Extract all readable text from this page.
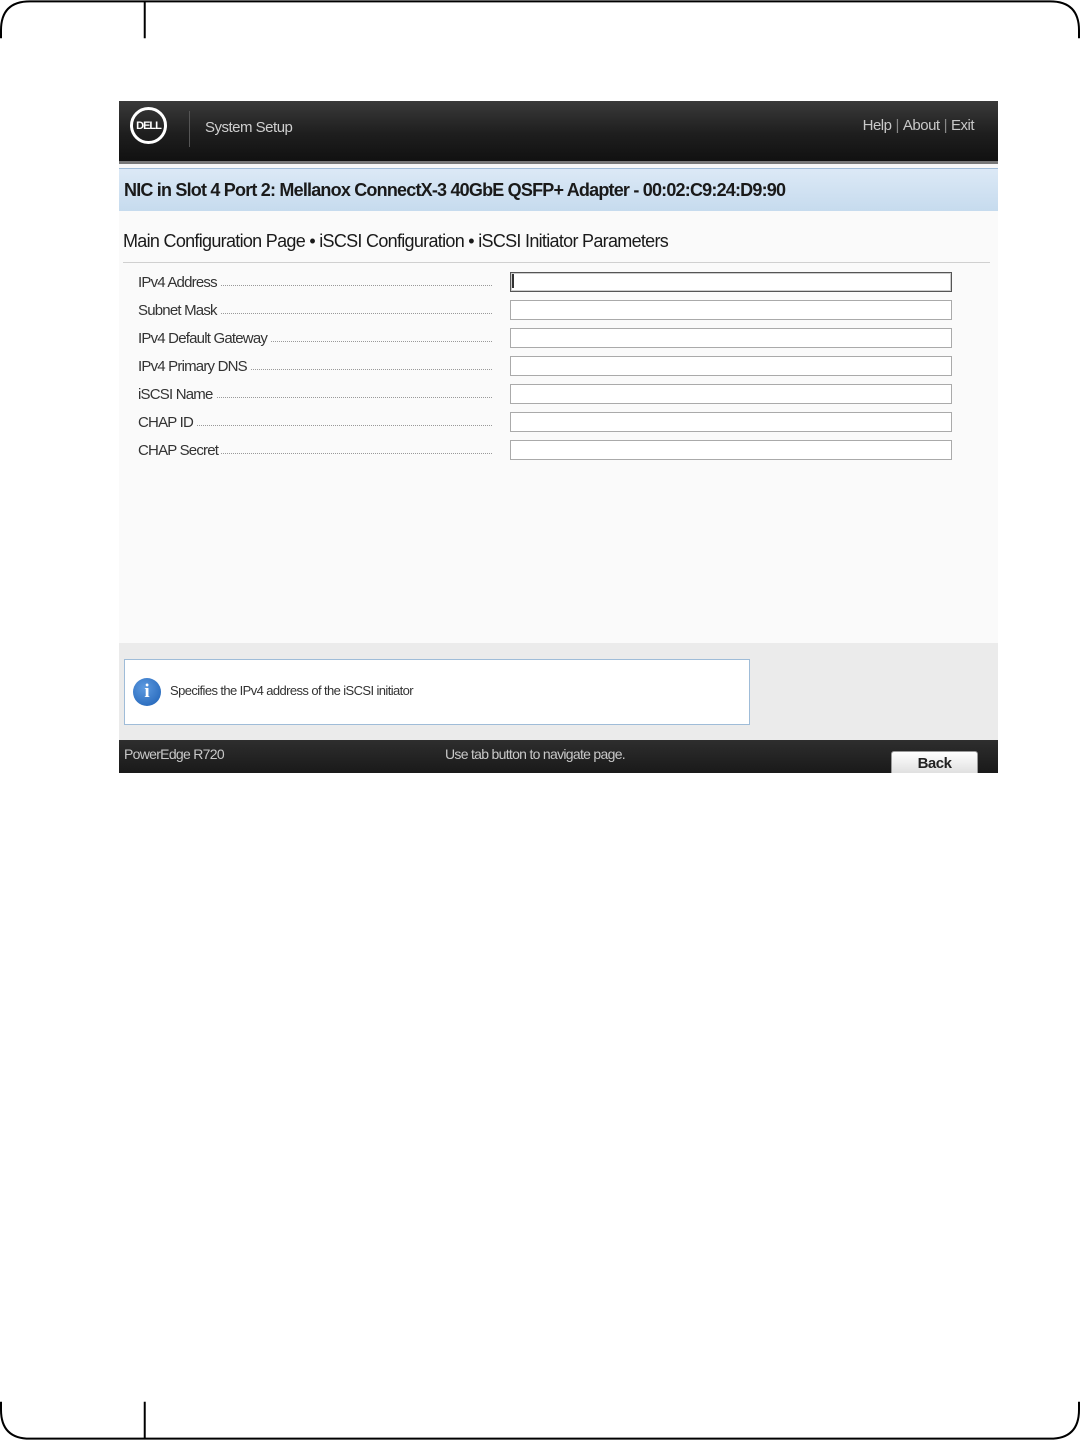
DELL	System Setup	Help | About | Exit
NIC in Slot 4 Port 2: Mellanox ConnectX-3 40GbE QSFP+ Adapter - 00:02:C9:24:D9:90
Main Configuration Page • iSCSI Configuration • iSCSI Initiator Parameters
IPv4 Address
Subnet Mask
IPv4 Default Gateway
IPv4 Primary DNS
iSCSI Name
CHAP ID
CHAP Secret
i	Specifies the IPv4 address of the iSCSI initiator
PowerEdge R720	Use tab button to navigate page.
Back
